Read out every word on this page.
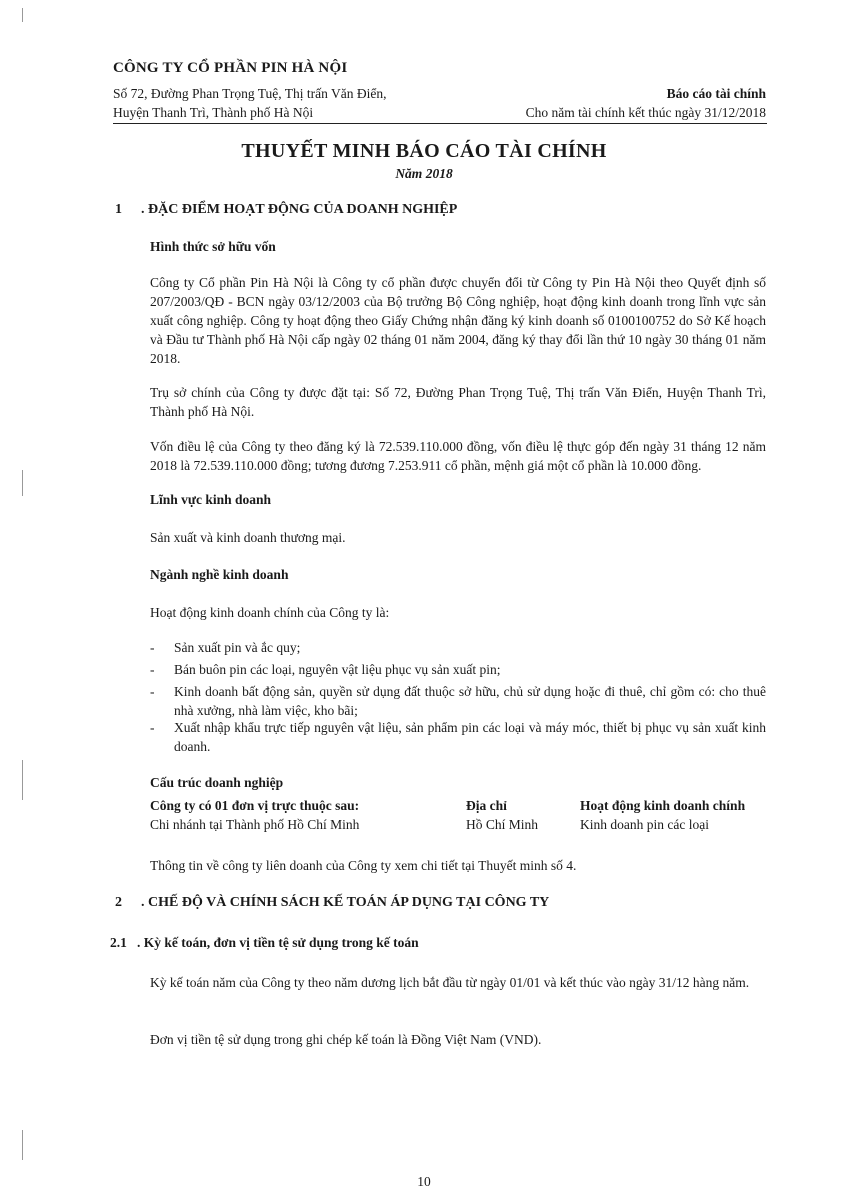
CÔNG TY CỔ PHẦN PIN HÀ NỘI
Số 72, Đường Phan Trọng Tuệ, Thị trấn Văn Điển,
Huyện Thanh Trì, Thành phố Hà Nội
Báo cáo tài chính
Cho năm tài chính kết thúc ngày 31/12/2018
THUYẾT MINH BÁO CÁO TÀI CHÍNH
Năm 2018
1 . ĐẶC ĐIỂM HOẠT ĐỘNG CỦA DOANH NGHIỆP
Hình thức sở hữu vốn
Công ty Cổ phần Pin Hà Nội là Công ty cổ phần được chuyển đổi từ Công ty Pin Hà Nội theo Quyết định số 207/2003/QĐ - BCN ngày 03/12/2003 của Bộ trưởng Bộ Công nghiệp, hoạt động kinh doanh trong lĩnh vực sản xuất công nghiệp. Công ty hoạt động theo Giấy Chứng nhận đăng ký kinh doanh số 0100100752 do Sở Kế hoạch và Đầu tư Thành phố Hà Nội cấp ngày 02 tháng 01 năm 2004, đăng ký thay đổi lần thứ 10 ngày 30 tháng 01 năm 2018.
Trụ sở chính của Công ty được đặt tại: Số 72, Đường Phan Trọng Tuệ, Thị trấn Văn Điển, Huyện Thanh Trì, Thành phố Hà Nội.
Vốn điều lệ của Công ty theo đăng ký là 72.539.110.000 đồng, vốn điều lệ thực góp đến ngày 31 tháng 12 năm 2018 là 72.539.110.000 đồng; tương đương 7.253.911 cổ phần, mệnh giá một cổ phần là 10.000 đồng.
Lĩnh vực kinh doanh
Sản xuất và kinh doanh thương mại.
Ngành nghề kinh doanh
Hoạt động kinh doanh chính của Công ty là:
- Sản xuất pin và ắc quy;
- Bán buôn pin các loại, nguyên vật liệu phục vụ sản xuất pin;
- Kinh doanh bất động sản, quyền sử dụng đất thuộc sở hữu, chủ sử dụng hoặc đi thuê, chỉ gồm có: cho thuê nhà xưởng, nhà làm việc, kho bãi;
- Xuất nhập khẩu trực tiếp nguyên vật liệu, sản phẩm pin các loại và máy móc, thiết bị phục vụ sản xuất kinh doanh.
Cấu trúc doanh nghiệp
Công ty có 01 đơn vị trực thuộc sau:	Địa chỉ	Hoạt động kinh doanh chính
Chi nhánh tại Thành phố Hồ Chí Minh	Hồ Chí Minh	Kinh doanh pin các loại
Thông tin về công ty liên doanh của Công ty xem chi tiết tại Thuyết minh số 4.
2 . CHẾ ĐỘ VÀ CHÍNH SÁCH KẾ TOÁN ÁP DỤNG TẠI CÔNG TY
2.1 . Kỳ kế toán, đơn vị tiền tệ sử dụng trong kế toán
Kỳ kế toán năm của Công ty theo năm dương lịch bắt đầu từ ngày 01/01 và kết thúc vào ngày 31/12 hàng năm.
Đơn vị tiền tệ sử dụng trong ghi chép kế toán là Đồng Việt Nam (VND).
10
